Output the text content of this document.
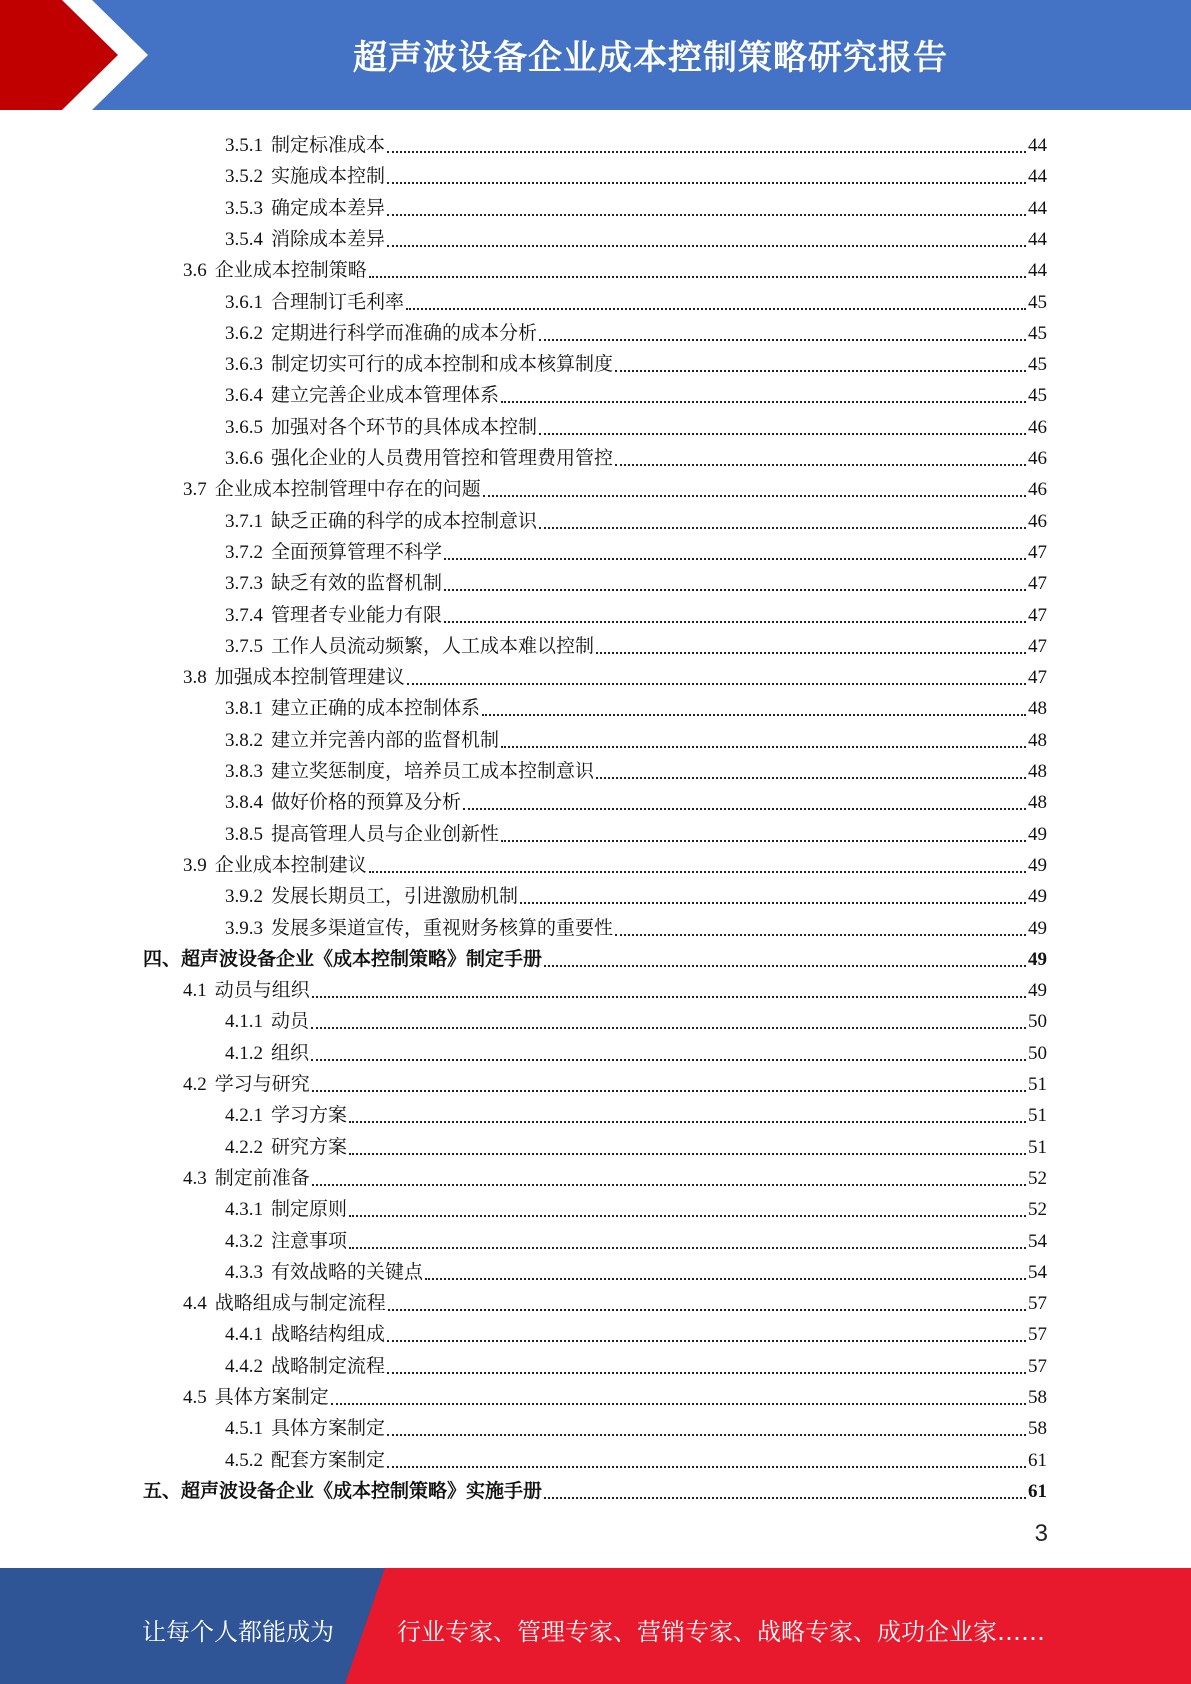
超声波设备企业成本控制策略研究报告
3.5.1 制定标准成本	44
3.5.2 实施成本控制	44
3.5.3 确定成本差异	44
3.5.4 消除成本差异	44
3.6 企业成本控制策略	44
3.6.1 合理制订毛利率	45
3.6.2 定期进行科学而准确的成本分析	45
3.6.3 制定切实可行的成本控制和成本核算制度	45
3.6.4 建立完善企业成本管理体系	45
3.6.5 加强对各个环节的具体成本控制	46
3.6.6 强化企业的人员费用管控和管理费用管控	46
3.7 企业成本控制管理中存在的问题	46
3.7.1 缺乏正确的科学的成本控制意识	46
3.7.2 全面预算管理不科学	47
3.7.3 缺乏有效的监督机制	47
3.7.4 管理者专业能力有限	47
3.7.5 工作人员流动频繁，人工成本难以控制	47
3.8 加强成本控制管理建议	47
3.8.1 建立正确的成本控制体系	48
3.8.2 建立并完善内部的监督机制	48
3.8.3 建立奖惩制度，培养员工成本控制意识	48
3.8.4 做好价格的预算及分析	48
3.8.5 提高管理人员与企业创新性	49
3.9 企业成本控制建议	49
3.9.2 发展长期员工，引进激励机制	49
3.9.3 发展多渠道宣传，重视财务核算的重要性	49
四、 超声波设备企业《成本控制策略》制定手册	49
4.1 动员与组织	49
4.1.1 动员	50
4.1.2 组织	50
4.2 学习与研究	51
4.2.1 学习方案	51
4.2.2 研究方案	51
4.3 制定前准备	52
4.3.1 制定原则	52
4.3.2 注意事项	54
4.3.3 有效战略的关键点	54
4.4 战略组成与制定流程	57
4.4.1 战略结构组成	57
4.4.2 战略制定流程	57
4.5 具体方案制定	58
4.5.1 具体方案制定	58
4.5.2 配套方案制定	61
五、 超声波设备企业《成本控制策略》实施手册	61
3
让每个人都能成为	行业专家、管理专家、营销专家、战略专家、成功企业家……
